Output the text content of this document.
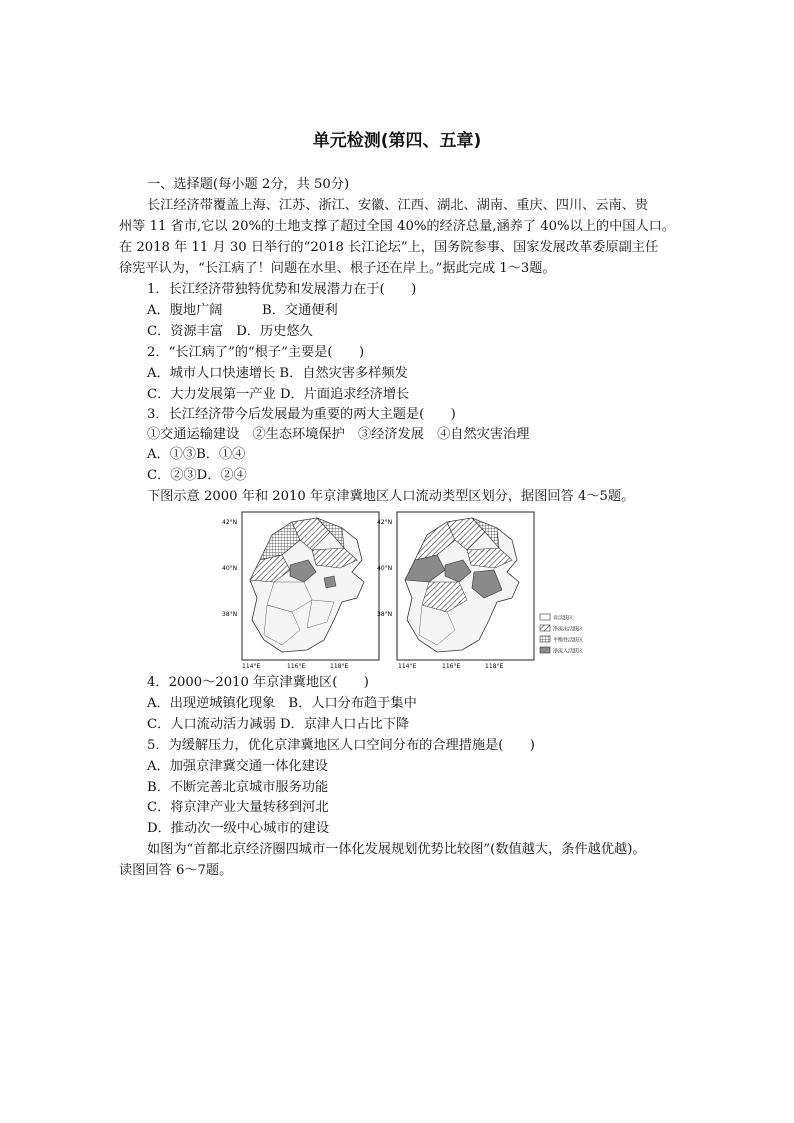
单元检测(第四、五章)
一、选择题(每小题 2分，共 50分)
长江经济带覆盖上海、江苏、浙江、安徽、江西、湖北、湖南、重庆、四川、云南、贵
州等 11 省市,它以 20%的土地支撑了超过全国 40%的经济总量,涵养了 40%以上的中国人口。
在 2018 年 11 月 30 日举行的“2018 长江论坛”上，国务院参事、国家发展改革委原副主任
徐宪平认为，“长江病了！问题在水里、根子还在岸上。”据此完成 1～3题。
1．长江经济带独特优势和发展潜力在于(　　)
A．腹地广阔　　　B．交通便利
C．资源丰富　D．历史悠久
2．“长江病了”的“根子”主要是(　　)
A．城市人口快速增长 B．自然灾害多样频发
C．大力发展第一产业 D．片面追求经济增长
3．长江经济带今后发展最为重要的两大主题是(　　)
①交通运输建设　②生态环境保护　③经济发展　④自然灾害治理
A．①③B．①④
C．②③D．②④
下图示意 2000 年和 2010 年京津冀地区人口流动类型区划分，据图回答 4～5题。
42°N
40°N
38°N
42°N
40°N
38°N
114°E	116°E	118°E	114°E	116°E	118°E
非活跃区
净流出活跃区
平衡性活跃区
净流入活跃区
4．2000～2010 年京津冀地区(　　)
A．出现逆城镇化现象　B．人口分布趋于集中
C．人口流动活力减弱 D．京津人口占比下降
5．为缓解压力，优化京津冀地区人口空间分布的合理措施是(　　)
A．加强京津冀交通一体化建设
B．不断完善北京城市服务功能
C．将京津产业大量转移到河北
D．推动次一级中心城市的建设
如图为“首都北京经济圈四城市一体化发展规划优势比较图”(数值越大，条件越优越)。
读图回答 6～7题。
